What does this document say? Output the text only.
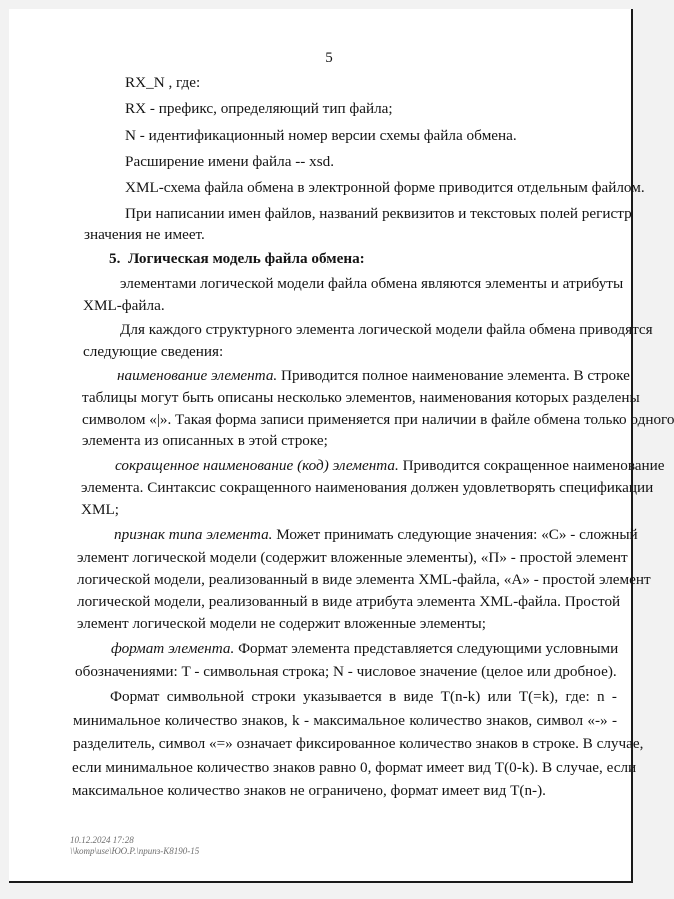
5
RX_N , где:
RX - префикс, определяющий тип файла;
N - идентификационный номер версии схемы файла обмена.
Расширение имени файла -- xsd.
XML-схема файла обмена в электронной форме приводится отдельным файлом.
При написании имен файлов, названий реквизитов и текстовых полей регистр
значения не имеет.
5. Логическая модель файла обмена:
элементами логической модели файла обмена являются элементы и атрибуты
XML-файла.
Для каждого структурного элемента логической модели файла обмена приводятся
следующие сведения:
наименование элемента. Приводится полное наименование элемента. В строке
таблицы могут быть описаны несколько элементов, наименования которых разделены
символом «|». Такая форма записи применяется при наличии в файле обмена только одного
элемента из описанных в этой строке;
сокращенное наименование (код) элемента. Приводится сокращенное наименование
элемента. Синтаксис сокращенного наименования должен удовлетворять спецификации
XML;
признак типа элемента. Может принимать следующие значения: «С» - сложный
элемент логической модели (содержит вложенные элементы), «П» - простой элемент
логической модели, реализованный в виде элемента XML-файла, «А» - простой элемент
логической модели, реализованный в виде атрибута элемента XML-файла. Простой
элемент логической модели не содержит вложенные элементы;
формат элемента. Формат элемента представляется следующими условными
обозначениями: T - символьная строка; N - числовое значение (целое или дробное).
Формат символьной строки указывается в виде T(n-k) или T(=k), где: n -
минимальное количество знаков, k - максимальное количество знаков, символ «-» -
разделитель, символ «=» означает фиксированное количество знаков в строке. В случае,
если минимальное количество знаков равно 0, формат имеет вид T(0-k). В случае, если
максимальное количество знаков не ограничено, формат имеет вид T(n-).
10.12.2024 17:28
\\komp\use\ЮО.Р.\припз-К8190-15
